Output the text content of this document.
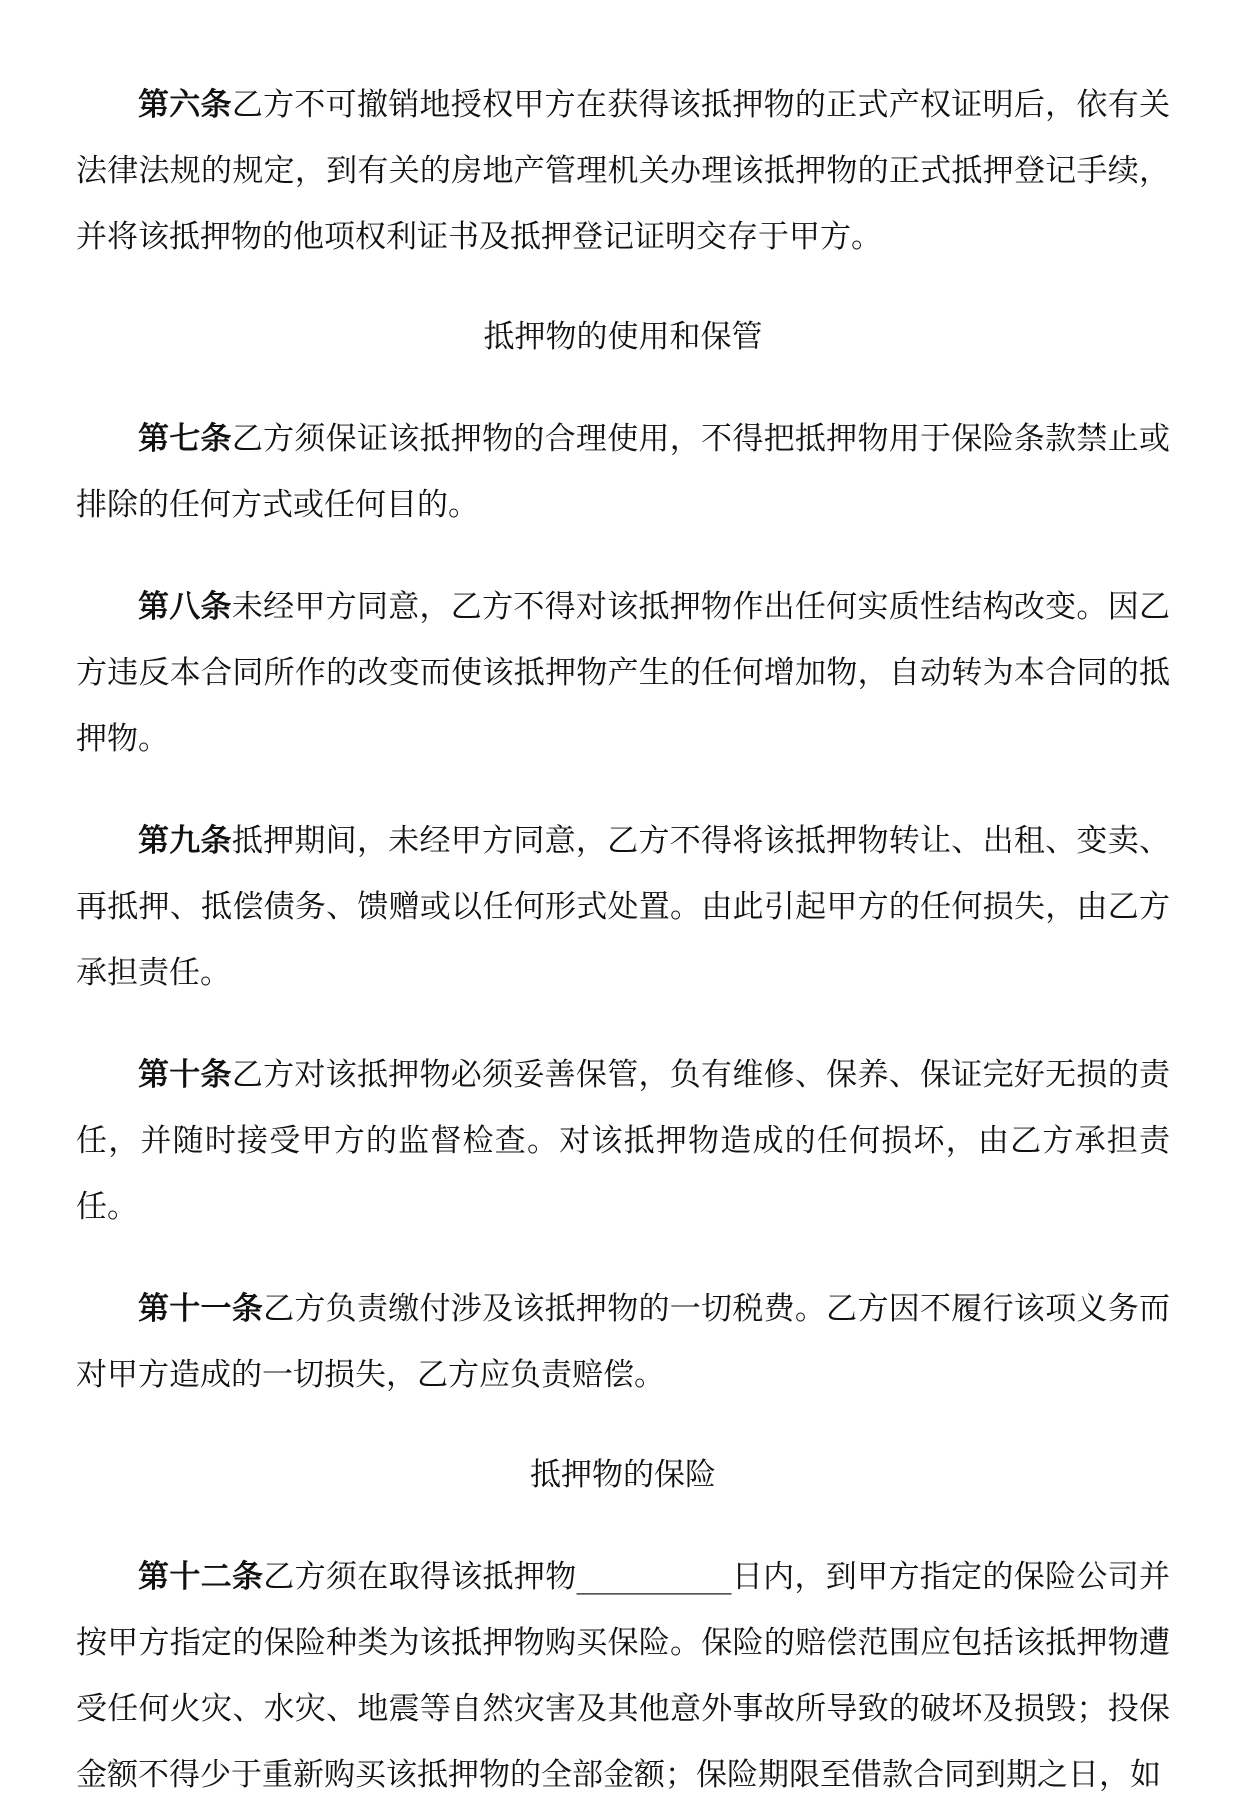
第六条乙方不可撤销地授权甲方在获得该抵押物的正式产权证明后，依有关法律法规的规定，到有关的房地产管理机关办理该抵押物的正式抵押登记手续，并将该抵押物的他项权利证书及抵押登记证明交存于甲方。

抵押物的使用和保管

第七条乙方须保证该抵押物的合理使用，不得把抵押物用于保险条款禁止或排除的任何方式或任何目的。

第八条未经甲方同意，乙方不得对该抵押物作出任何实质性结构改变。因乙方违反本合同所作的改变而使该抵押物产生的任何增加物，自动转为本合同的抵押物。

第九条抵押期间，未经甲方同意，乙方不得将该抵押物转让、出租、变卖、再抵押、抵偿债务、馈赠或以任何形式处置。由此引起甲方的任何损失，由乙方承担责任。

第十条乙方对该抵押物必须妥善保管，负有维修、保养、保证完好无损的责任，并随时接受甲方的监督检查。对该抵押物造成的任何损坏，由乙方承担责任。

第十一条乙方负责缴付涉及该抵押物的一切税费。乙方因不履行该项义务而对甲方造成的一切损失，乙方应负责赔偿。

抵押物的保险

第十二条乙方须在取得该抵押物__________日内，到甲方指定的保险公司并按甲方指定的保险种类为该抵押物购买保险。保险的赔偿范围应包括该抵押物遭受任何火灾、水灾、地震等自然灾害及其他意外事故所导致的破坏及损毁；投保金额不得少于重新购买该抵押物的全部金额；保险期限至借款合同到期之日，如
